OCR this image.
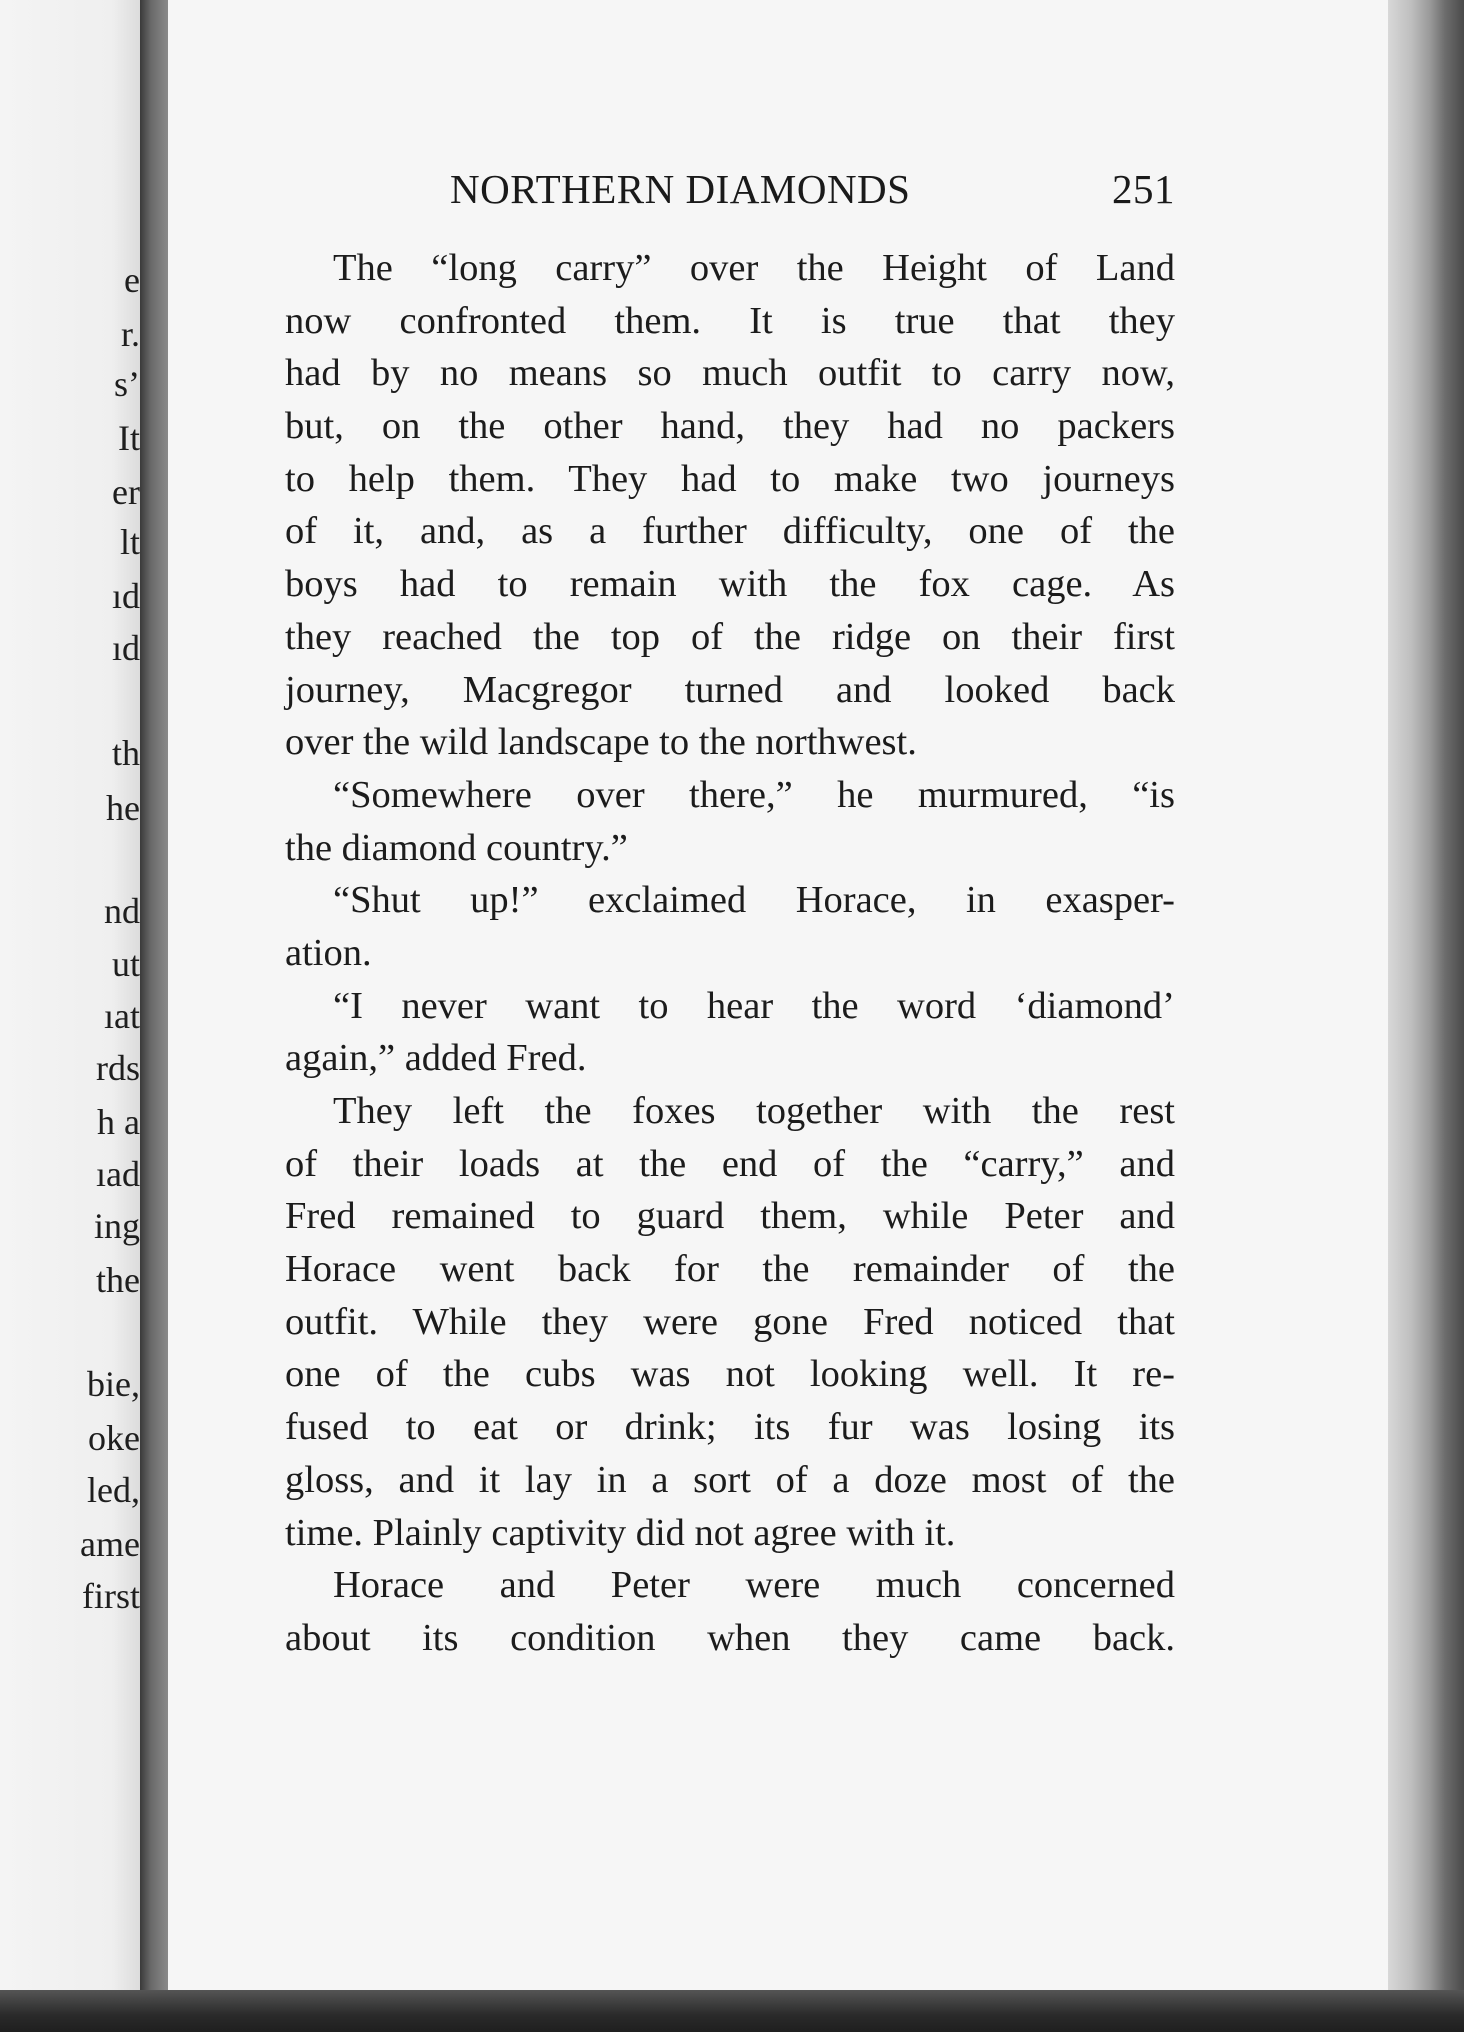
e
r.
s’
It
er
lt
ıd
ıd
th
he
nd
ut
ıat
rds
h a
ıad
ing
the
bie,
oke
led,
ame
first
NORTHERN DIAMONDS	251
The “long carry” over the Height of Land
now confronted them. It is true that they
had by no means so much outfit to carry now,
but, on the other hand, they had no packers
to help them. They had to make two journeys
of it, and, as a further difficulty, one of the
boys had to remain with the fox cage. As
they reached the top of the ridge on their first
journey, Macgregor turned and looked back
over the wild landscape to the northwest.
“Somewhere over there,” he murmured, “is
the diamond country.”
“Shut up!” exclaimed Horace, in exasper-
ation.
“I never want to hear the word ‘diamond’
again,” added Fred.
They left the foxes together with the rest
of their loads at the end of the “carry,” and
Fred remained to guard them, while Peter and
Horace went back for the remainder of the
outfit. While they were gone Fred noticed that
one of the cubs was not looking well. It re-
fused to eat or drink; its fur was losing its
gloss, and it lay in a sort of a doze most of the
time. Plainly captivity did not agree with it.
Horace and Peter were much concerned
about its condition when they came back.
